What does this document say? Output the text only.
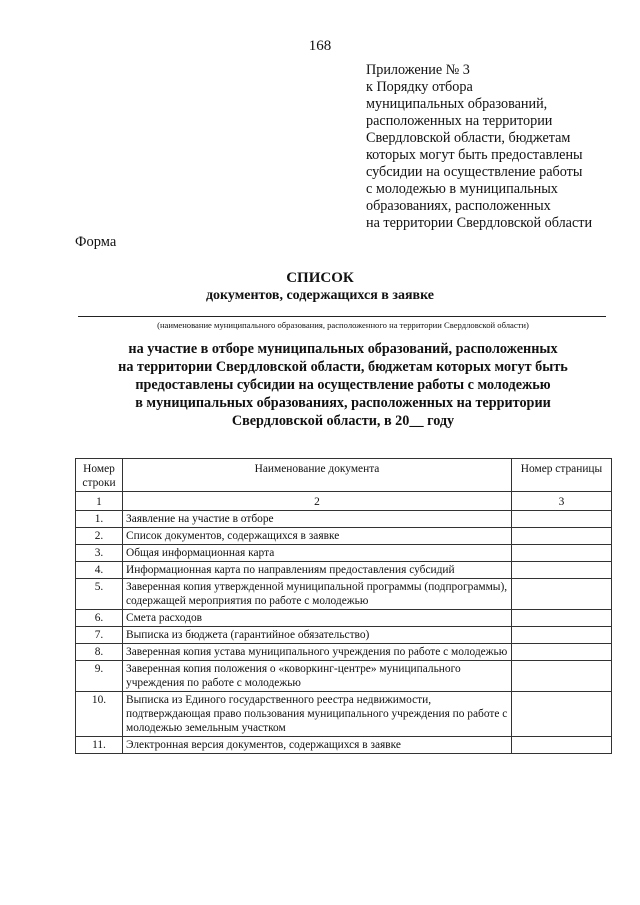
168
Приложение № 3
к Порядку отбора
муниципальных образований,
расположенных на территории
Свердловской области, бюджетам
которых могут быть предоставлены
субсидии на осуществление работы
с молодежью в муниципальных
образованиях, расположенных
на территории Свердловской области
Форма
СПИСОК
документов, содержащихся в заявке
(наименование муниципального образования, расположенного на территории Свердловской области)
на участие в отборе муниципальных образований, расположенных
на территории Свердловской области, бюджетам которых могут быть
предоставлены субсидии на осуществление работы с молодежью
в муниципальных образованиях, расположенных на территории
Свердловской области, в 20__ году
Номер строки	Наименование документа	Номер страницы
1	2	3
1.	Заявление на участие в отборе	
2.	Список документов, содержащихся в заявке	
3.	Общая информационная карта	
4.	Информационная карта по направлениям предоставления субсидий	
5.	Заверенная копия утвержденной муниципальной программы (подпрограммы), содержащей мероприятия по работе с молодежью	
6.	Смета расходов	
7.	Выписка из бюджета (гарантийное обязательство)	
8.	Заверенная копия устава муниципального учреждения по работе с молодежью	
9.	Заверенная копия положения о «коворкинг-центре» муниципального учреждения по работе с молодежью	
10.	Выписка из Единого государственного реестра недвижимости, подтверждающая право пользования муниципального учреждения по работе с молодежью земельным участком	
11.	Электронная версия документов, содержащихся в заявке	
